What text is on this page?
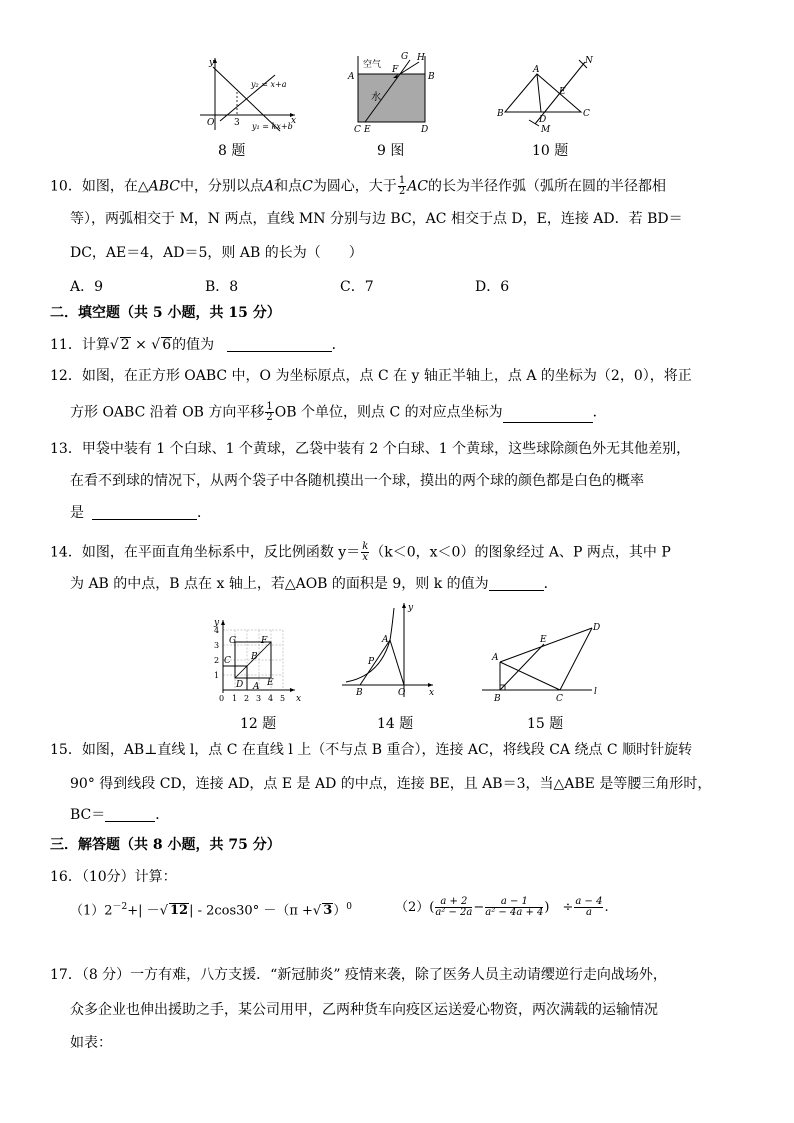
y
x
O 3
y₂ = x+a
y₁ = kx+b
8 题
空气
水
A	B
C E	D
F
G H
9 图
A
B	C
D
E
M
N
10 题
10．如图，在△ABC中，分别以点A和点C为圆心，大于 $\frac{1}{2}$ AC的长为半径作弧（弧所在圆的半径都相
等），两弧相交于 M，N 两点，直线 MN 分别与边 BC，AC 相交于点 D，E，连接 AD．若 BD＝
DC，AE＝4，AD＝5，则 AB 的长为（　　）
A．9	B．8	C．7	D．6
二．填空题（共 5 小题，共 15 分）
11．计算√ 2 × √ 6的值为	．
12．如图，在正方形 OABC 中，O 为坐标原点，点 C 在 y 轴正半轴上，点 A 的坐标为（2，0），将正
方形 OABC 沿着 OB 方向平移 $\frac{1}{2}$ OB 个单位，则点 C 的对应点坐标为	．
13．甲袋中装有 1 个白球、1 个黄球，乙袋中装有 2 个白球、1 个黄球，这些球除颜色外无其他差别，
在看不到球的情况下，从两个袋子中各随机摸出一个球，摸出的两个球的颜色都是白色的概率
是	．
14．如图，在平面直角坐标系中，反比例函数 $y= \frac{k}{x} (k<0$，x＜0）的图象经过 A、P 两点，其中 P
为 AB 的中点，B 点在 x 轴上，若△AOB 的面积是 9，则 k 的值为	．
y
x
G	F
C B
D A E
0 1 2 3 4 5
1
2
3
4
12 题
A
P
B	O
y
x
14 题
A
B	C
D
E
l
15 题
15．如图，AB⊥直线 l，点 C 在直线 l 上（不与点 B 重合），连接 AC，将线段 CA 绕点 C 顺时针旋转
90° 得到线段 CD，连接 AD，点 E 是 AD 的中点，连接 BE，且 AB＝3，当△ABE 是等腰三角形时，
BC＝	．
三．解答题（共 8 小题，共 75 分）
16．（10分）计算：
$(1)2^{-2}+|$ －√ 12| - 2cos30° －（π +√ 3）$^0$	$(2)( \frac{a + 2}{\text{a² − 2a}} - \frac{a - 1}{\text{a² − 4a + 4}}$ )　÷ $\frac{a - 4}{a}$ .
17．（8 分）一方有难，八方支援．“新冠肺炎” 疫情来袭，除了医务人员主动请缨逆行走向战场外，
众多企业也伸出援助之手，某公司用甲，乙两种货车向疫区运送爱心物资，两次满载的运输情况
如表：
